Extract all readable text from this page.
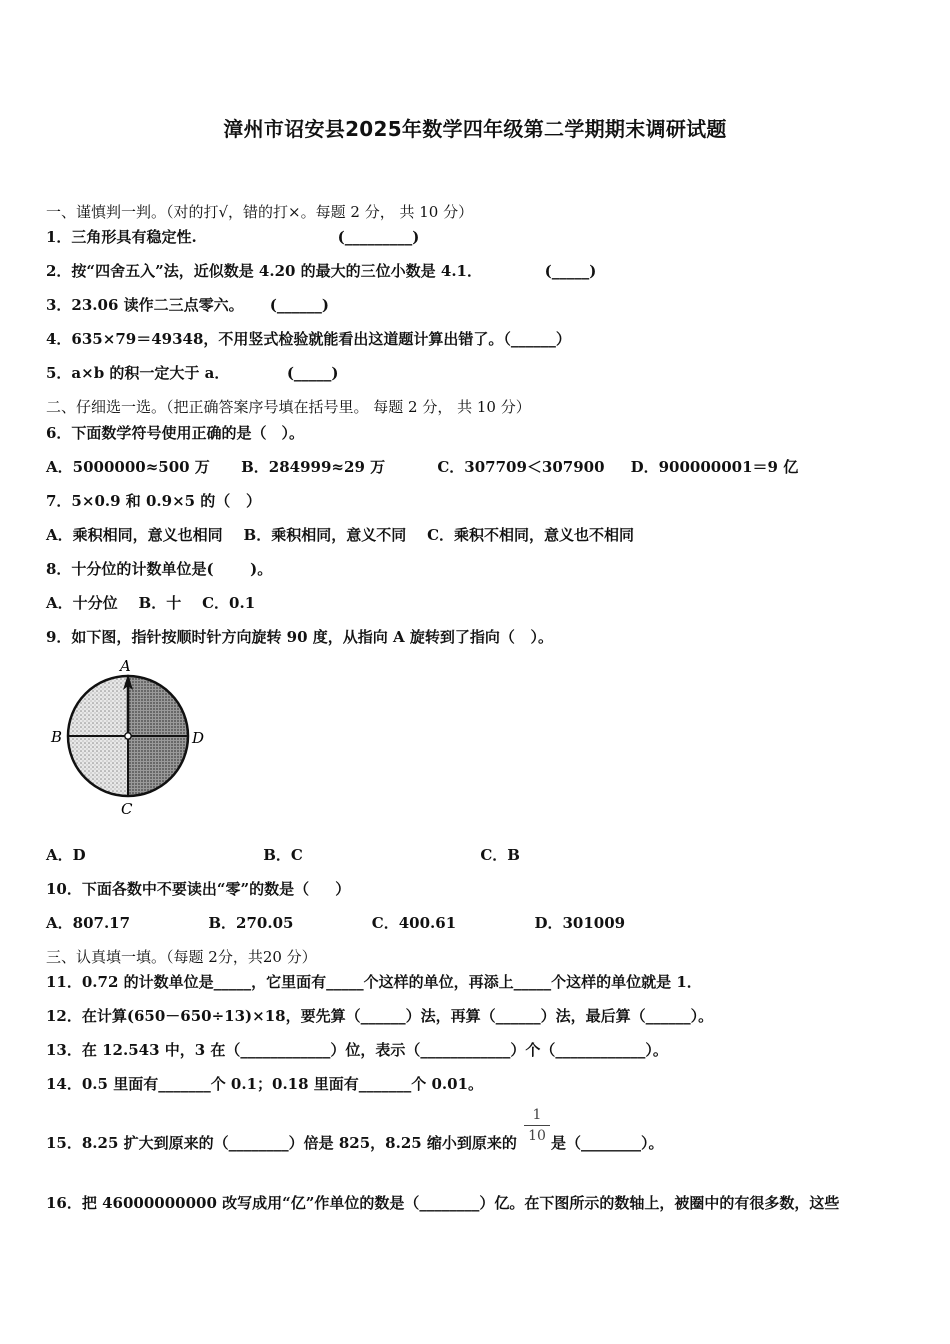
漳州市诏安县2025年数学四年级第二学期期末调研试题
一、谨慎判一判。（对的打√，错的打×。每题 2 分， 共 10 分）
1．三角形具有稳定性.                           (_________)
2．按“四舍五入”法，近似数是 4.20 的最大的三位小数是 4.1．            (_____)
3．23.06 读作二三点零六。     (______)
4．635×79＝49348，不用竖式检验就能看出这道题计算出错了。（______）
5．a×b 的积一定大于 a．           (_____)
二、仔细选一选。（把正确答案序号填在括号里。 每题 2 分， 共 10 分）
6．下面数学符号使用正确的是（　）。
A．5000000≈500 万      B．284999≈29 万          C．307709＜307900     D．900000001＝9 亿
7．5×0.9 和 0.9×5 的（   ）
A．乘积相同，意义也相同    B．乘积相同，意义不同    C．乘积不相同，意义也不相同
8．十分位的计数单位是(       )。
A．十分位    B．十    C．0.1
9．如下图，指针按顺时针方向旋转 90 度，从指向 A 旋转到了指向（   ）。
A
B	D
C
A．D                                  B．C                                  C．B
10．下面各数中不要读出“零”的数是（     ）
A．807.17               B．270.05               C．400.61               D．301009
三、认真填一填。（每题 2分，共20 分）
11．0.72 的计数单位是_____，它里面有_____个这样的单位，再添上_____个这样的单位就是 1．
12．在计算(650－650÷13)×18，要先算（______）法，再算（______）法，最后算（______）。
13．在 12.543 中，3 在（____________）位，表示（____________）个（____________）。
14．0.5 里面有_______个 0.1；0.18 里面有_______个 0.01。
15．8.25 扩大到原来的（________）倍是 825，8.25 缩小到原来的
1
10 是（________）。
16．把 46000000000 改写成用“亿”作单位的数是（________）亿。在下图所示的数轴上，被圈中的有很多数，这些
